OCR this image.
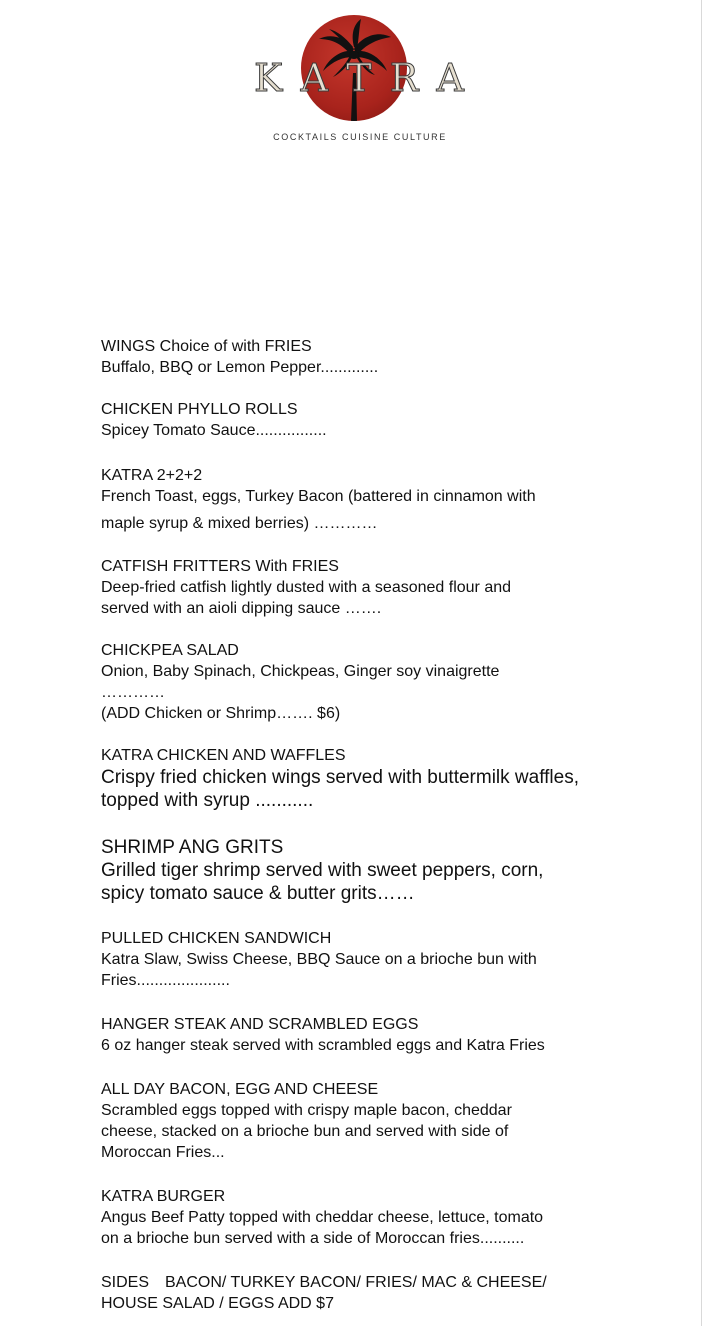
K A T R A
COCKTAILS CUISINE CULTURE
WINGS Choice of with FRIES
Buffalo, BBQ or Lemon Pepper.............
CHICKEN PHYLLO ROLLS
Spicey Tomato Sauce................
KATRA 2+2+2
French Toast, eggs, Turkey Bacon (battered in cinnamon with
maple syrup & mixed berries) …………
CATFISH FRITTERS With FRIES
Deep-fried catfish lightly dusted with a seasoned flour and
served with an aioli dipping sauce …….
CHICKPEA SALAD
Onion, Baby Spinach, Chickpeas, Ginger soy vinaigrette
…………
(ADD Chicken or Shrimp……. $6)
KATRA CHICKEN AND WAFFLES
Crispy fried chicken wings served with buttermilk waffles,
topped with syrup ...........
SHRIMP ANG GRITS
Grilled tiger shrimp served with sweet peppers, corn,
spicy tomato sauce & butter grits……
PULLED CHICKEN SANDWICH
Katra Slaw, Swiss Cheese, BBQ Sauce on a brioche bun with
Fries.....................
HANGER STEAK AND SCRAMBLED EGGS
6 oz hanger steak served with scrambled eggs and Katra Fries
ALL DAY BACON, EGG AND CHEESE
Scrambled eggs topped with crispy maple bacon, cheddar
cheese, stacked on a brioche bun and served with side of
Moroccan Fries...
KATRA BURGER
Angus Beef Patty topped with cheddar cheese, lettuce, tomato
on a brioche bun served with a side of Moroccan fries..........
SIDES BACON/ TURKEY BACON/ FRIES/ MAC & CHEESE/
HOUSE SALAD / EGGS ADD $7
